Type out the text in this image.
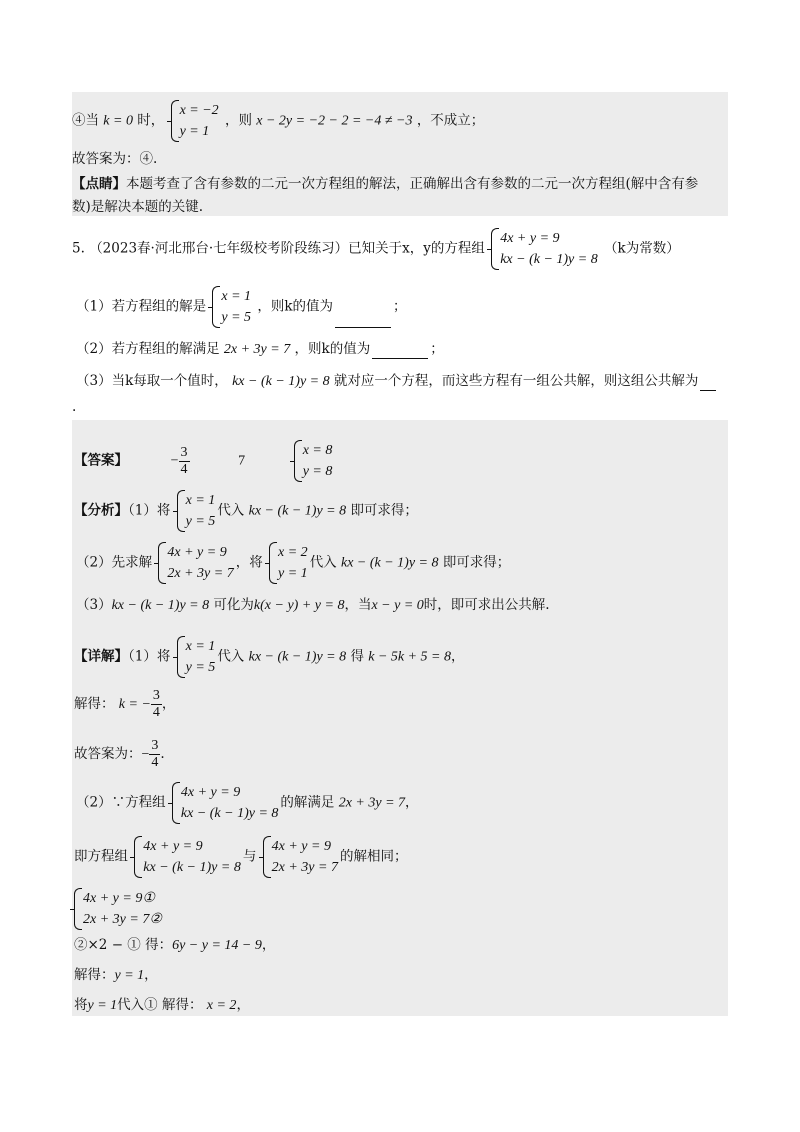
④当 k = 0 时，
x = −2
y = 1
，则 x − 2y = −2 − 2 = −4 ≠ −3 ，不成立；
故答案为：④.
【点睛】本题考查了含有参数的二元一次方程组的解法，正确解出含有参数的二元一次方程组(解中含有参
数)是解决本题的关键.
5. （2023春·河北邢台·七年级校考阶段练习）已知关于x，y的方程组
4x + y = 9
kx − (k − 1)y = 8
（k为常数）
（1）若方程组的解是
x = 1
y = 5
，则k的值为	；
（2）若方程组的解满足 2x + 3y = 7 ，则k的值为	；
（3）当k每取一个值时， kx − (k − 1)y = 8 就对应一个方程，而这些方程有一组公共解，则这组公共解为
.
【答案】	− $\frac{3}{4}$	7
x = 8
y = 8
【分析】（1）将
x = 1
y = 5
代入 kx − (k − 1)y = 8 即可求得；
（2）先求解
4x + y = 9
2x + 3y = 7
，将
x = 2
y = 1
代入 kx − (k − 1)y = 8 即可求得；
（3）kx − (k − 1)y = 8 可化为k(x − y) + y = 8，当x − y = 0时，即可求出公共解.
【详解】（1）将
x = 1
y = 5
代入 kx − (k − 1)y = 8 得 k − 5k + 5 = 8，
解得： k = − $\frac{3}{4}$ ，
故答案为：− $\frac{3}{4}$ .
（2）∵方程组
4x + y = 9
kx − (k − 1)y = 8
的解满足 2x + 3y = 7，
即方程组
4x + y = 9
kx − (k − 1)y = 8
与
4x + y = 9
2x + 3y = 7
的解相同；
4x + y = 9①
2x + 3y = 7②
②×2 − ① 得：6y − y = 14 − 9，
解得：y = 1，
将y = 1代入① 解得： x = 2，
